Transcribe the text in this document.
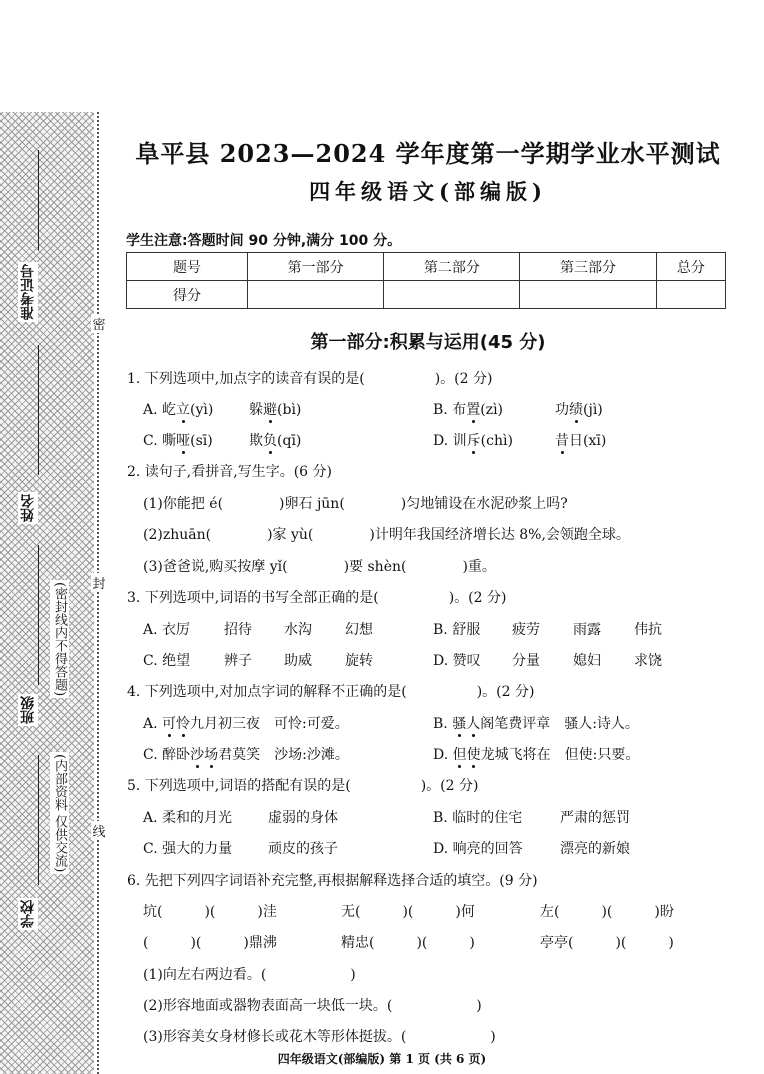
密
封
线
准考证号
姓名
班级
学校
(密封线内不得答题)
(内部资料 仅供交流)
阜平县 2023—2024 学年度第一学期学业水平测试
四年级语文(部编版)
学生注意:答题时间 90 分钟,满分 100 分。
题号	第一部分	第二部分	第三部分	总分
得分				
第一部分:积累与运用(45 分)
1. 下列选项中,加点字的读音有误的是(　　　　　)。(2 分)
A. 屹立(yì)	躲避(bì)	B. 布置(zì)	功绩(jì)
C. 嘶哑(sī)	欺负(qī)	D. 训斥(chì)	昔日(xī)
2. 读句子,看拼音,写生字。(6 分)
(1)你能把 é(　　　　)卵石 jūn(　　　　)匀地铺设在水泥砂浆上吗?
(2)zhuān(　　　　)家 yù(　　　　)计明年我国经济增长达 8%,会领跑全球。
(3)爸爸说,购买按摩 yǐ(　　　　)要 shèn(　　　　)重。
3. 下列选项中,词语的书写全部正确的是(　　　　　)。(2 分)
A. 衣厉 招待 水沟 幻想	B. 舒服 疲劳 雨露 伟抗
C. 绝望 辨子 助威 旋转	D. 赞叹 分量 媳妇 求饶
4. 下列选项中,对加点字词的解释不正确的是(　　　　　)。(2 分)
A. 可怜九月初三夜　 可怜:可爱。	B. 骚人阁笔费评章　 骚人:诗人。
C. 醉卧沙场君莫笑　 沙场:沙滩。	D. 但使龙城飞将在　 但使:只要。
5. 下列选项中,词语的搭配有误的是(　　　　　)。(2 分)
A. 柔和的月光	虚弱的身体	B. 临时的住宅	严肃的惩罚
C. 强大的力量	顽皮的孩子	D. 响亮的回答	漂亮的新娘
6. 先把下列四字词语补充完整,再根据解释选择合适的填空。(9 分)
坑(　　　)(　　　)洼	无(　　　)(　　　)何	左(　　　)(　　　)盼
(　　　)(　　　)鼎沸	精忠(　　　)(　　　)	亭亭(　　　)(　　　)
(1)向左右两边看。(　　　　　　)
(2)形容地面或器物表面高一块低一块。(　　　　　　)
(3)形容美女身材修长或花木等形体挺拔。(　　　　　　)
四年级语文(部编版) 第 1 页 (共 6 页)
